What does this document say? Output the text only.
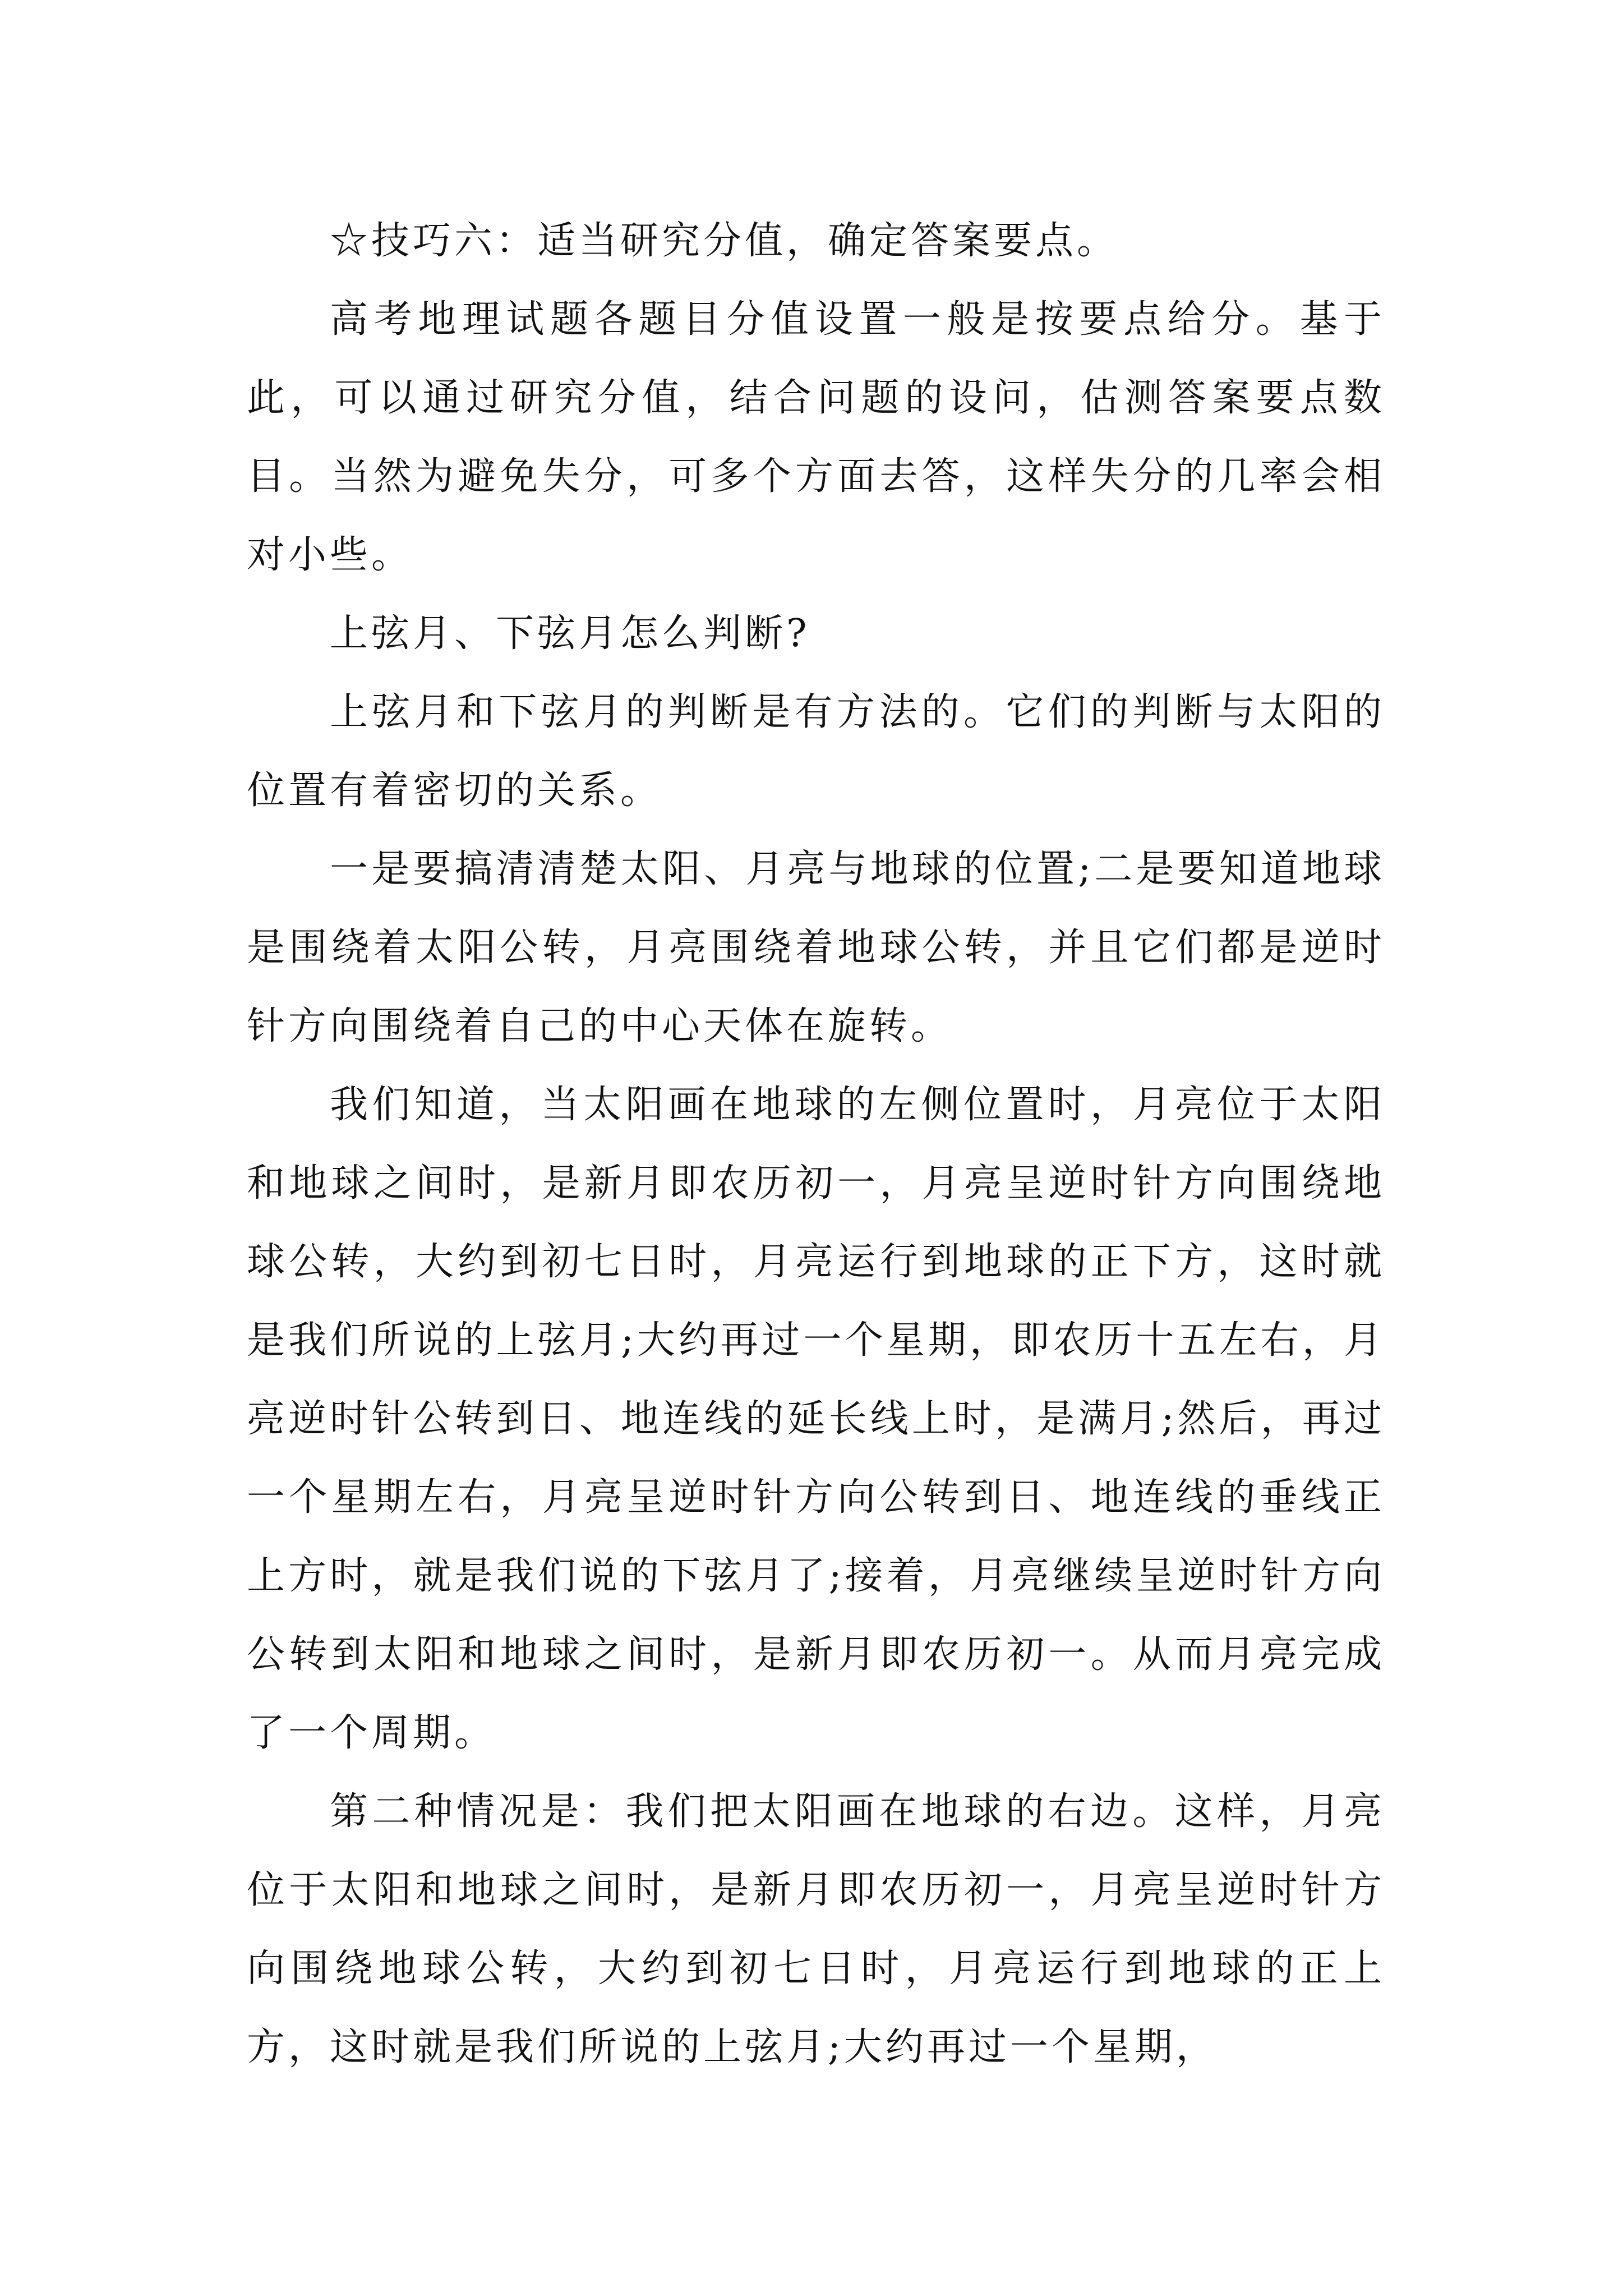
☆技巧六：适当研究分值，确定答案要点。

高考地理试题各题目分值设置一般是按要点给分。基于此，可以通过研究分值，结合问题的设问，估测答案要点数目。当然为避免失分，可多个方面去答，这样失分的几率会相对小些。

上弦月、下弦月怎么判断?

上弦月和下弦月的判断是有方法的。它们的判断与太阳的位置有着密切的关系。

一是要搞清清楚太阳、月亮与地球的位置;二是要知道地球是围绕着太阳公转，月亮围绕着地球公转，并且它们都是逆时针方向围绕着自己的中心天体在旋转。

我们知道，当太阳画在地球的左侧位置时，月亮位于太阳和地球之间时，是新月即农历初一，月亮呈逆时针方向围绕地球公转，大约到初七日时，月亮运行到地球的正下方，这时就是我们所说的上弦月;大约再过一个星期，即农历十五左右，月亮逆时针公转到日、地连线的延长线上时，是满月;然后，再过一个星期左右，月亮呈逆时针方向公转到日、地连线的垂线正上方时，就是我们说的下弦月了;接着，月亮继续呈逆时针方向公转到太阳和地球之间时，是新月即农历初一。从而月亮完成了一个周期。

第二种情况是：我们把太阳画在地球的右边。这样，月亮位于太阳和地球之间时，是新月即农历初一，月亮呈逆时针方向围绕地球公转，大约到初七日时，月亮运行到地球的正上方，这时就是我们所说的上弦月;大约再过一个星期，
